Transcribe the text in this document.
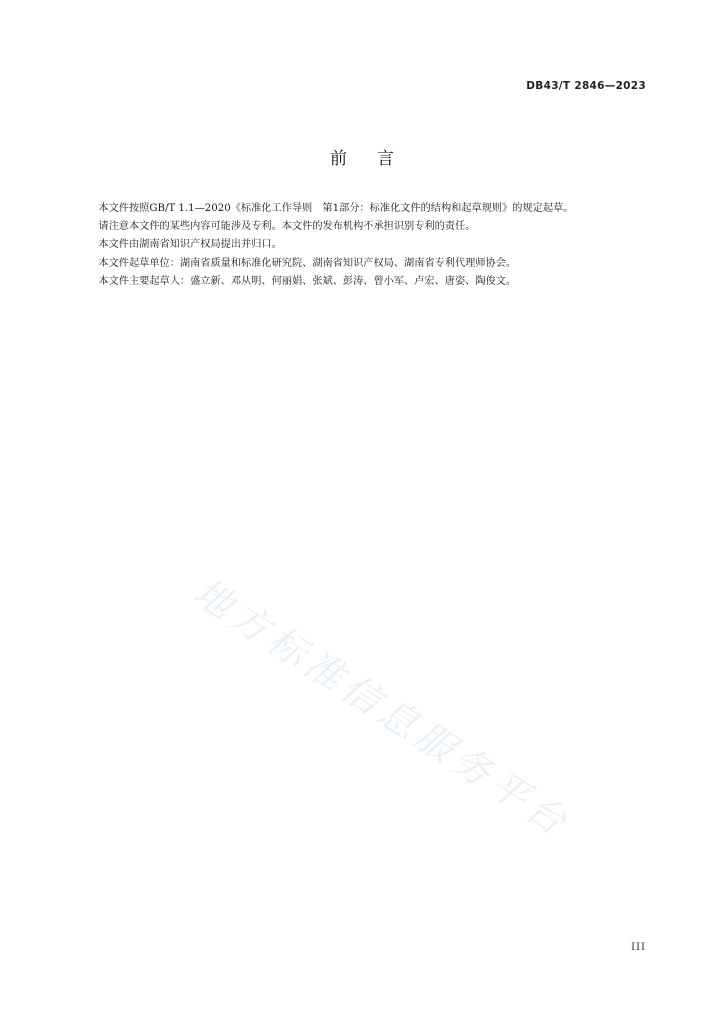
DB43/T 2846—2023
前言

本文件按照GB/T 1.1—2020《标准化工作导则　第1部分：标准化文件的结构和起草规则》的规定起草。

请注意本文件的某些内容可能涉及专利。本文件的发布机构不承担识别专利的责任。

本文件由湖南省知识产权局提出并归口。

本文件起草单位：湖南省质量和标准化研究院、湖南省知识产权局、湖南省专利代理师协会。

本文件主要起草人：盛立新、邓从明、何丽娟、张斌、彭涛、曾小军、卢宏、唐姿、陶俊文。

地方标准信息服务平台
III
